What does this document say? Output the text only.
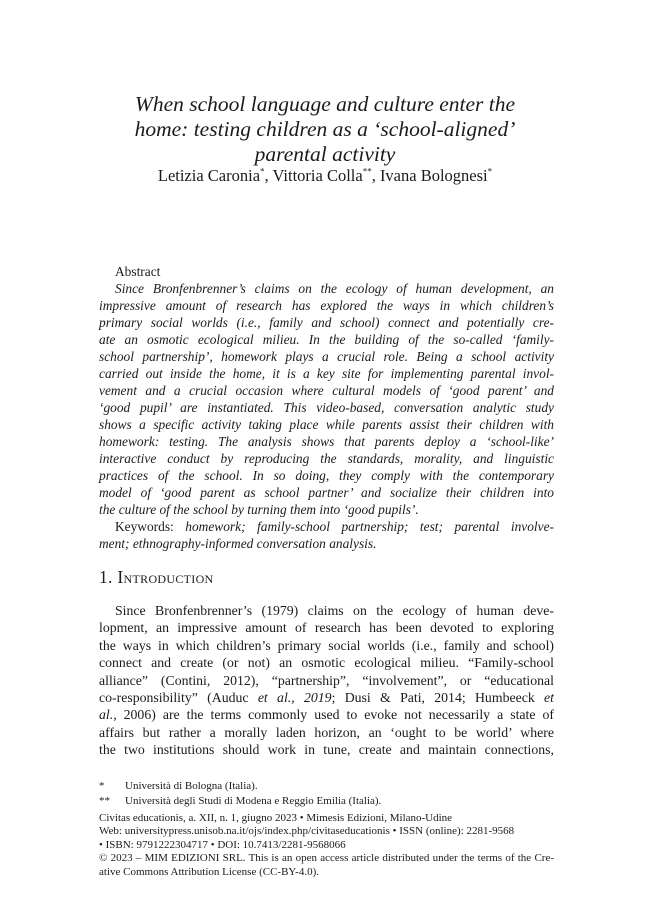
When school language and culture enter the
home: testing children as a ‘school-aligned’
parental activity
Letizia Caronia*, Vittoria Colla**, Ivana Bolognesi*
Abstract
Since Bronfenbrenner’s claims on the ecology of human development, an
impressive amount of research has explored the ways in which children’s
primary social worlds (i.e., family and school) connect and potentially cre-
ate an osmotic ecological milieu. In the building of the so-called ‘family-
school partnership’, homework plays a crucial role. Being a school activity
carried out inside the home, it is a key site for implementing parental invol-
vement and a crucial occasion where cultural models of ‘good parent’ and
‘good pupil’ are instantiated. This video-based, conversation analytic study
shows a specific activity taking place while parents assist their children with
homework: testing. The analysis shows that parents deploy a ‘school-like’
interactive conduct by reproducing the standards, morality, and linguistic
practices of the school. In so doing, they comply with the contemporary
model of ‘good parent as school partner’ and socialize their children into
the culture of the school by turning them into ‘good pupils’.
Keywords: homework; family-school partnership; test; parental involve-
ment; ethnography-informed conversation analysis.
1. Introduction
Since Bronfenbrenner’s (1979) claims on the ecology of human deve-
lopment, an impressive amount of research has been devoted to exploring
the ways in which children’s primary social worlds (i.e., family and school)
connect and create (or not) an osmotic ecological milieu. “Family-school
alliance” (Contini, 2012), “partnership”, “involvement”, or “educational
co-responsibility” (Auduc et al., 2019; Dusi & Pati, 2014; Humbeeck et
al., 2006) are the terms commonly used to evoke not necessarily a state of
affairs but rather a morally laden horizon, an ‘ought to be world’ where
the two institutions should work in tune, create and maintain connections,
*	Università di Bologna (Italia).
**	Università degli Studi di Modena e Reggio Emilia (Italia).
Civitas educationis, a. XII, n. 1, giugno 2023 • Mimesis Edizioni, Milano-Udine
Web: universitypress.unisob.na.it/ojs/index.php/civitaseducationis • ISSN (online): 2281-9568
• ISBN: 9791222304717 • DOI: 10.7413/2281-9568066
© 2023 – MIM EDIZIONI SRL. This is an open access article distributed under the terms of the Cre-
ative Commons Attribution License (CC-BY-4.0).
